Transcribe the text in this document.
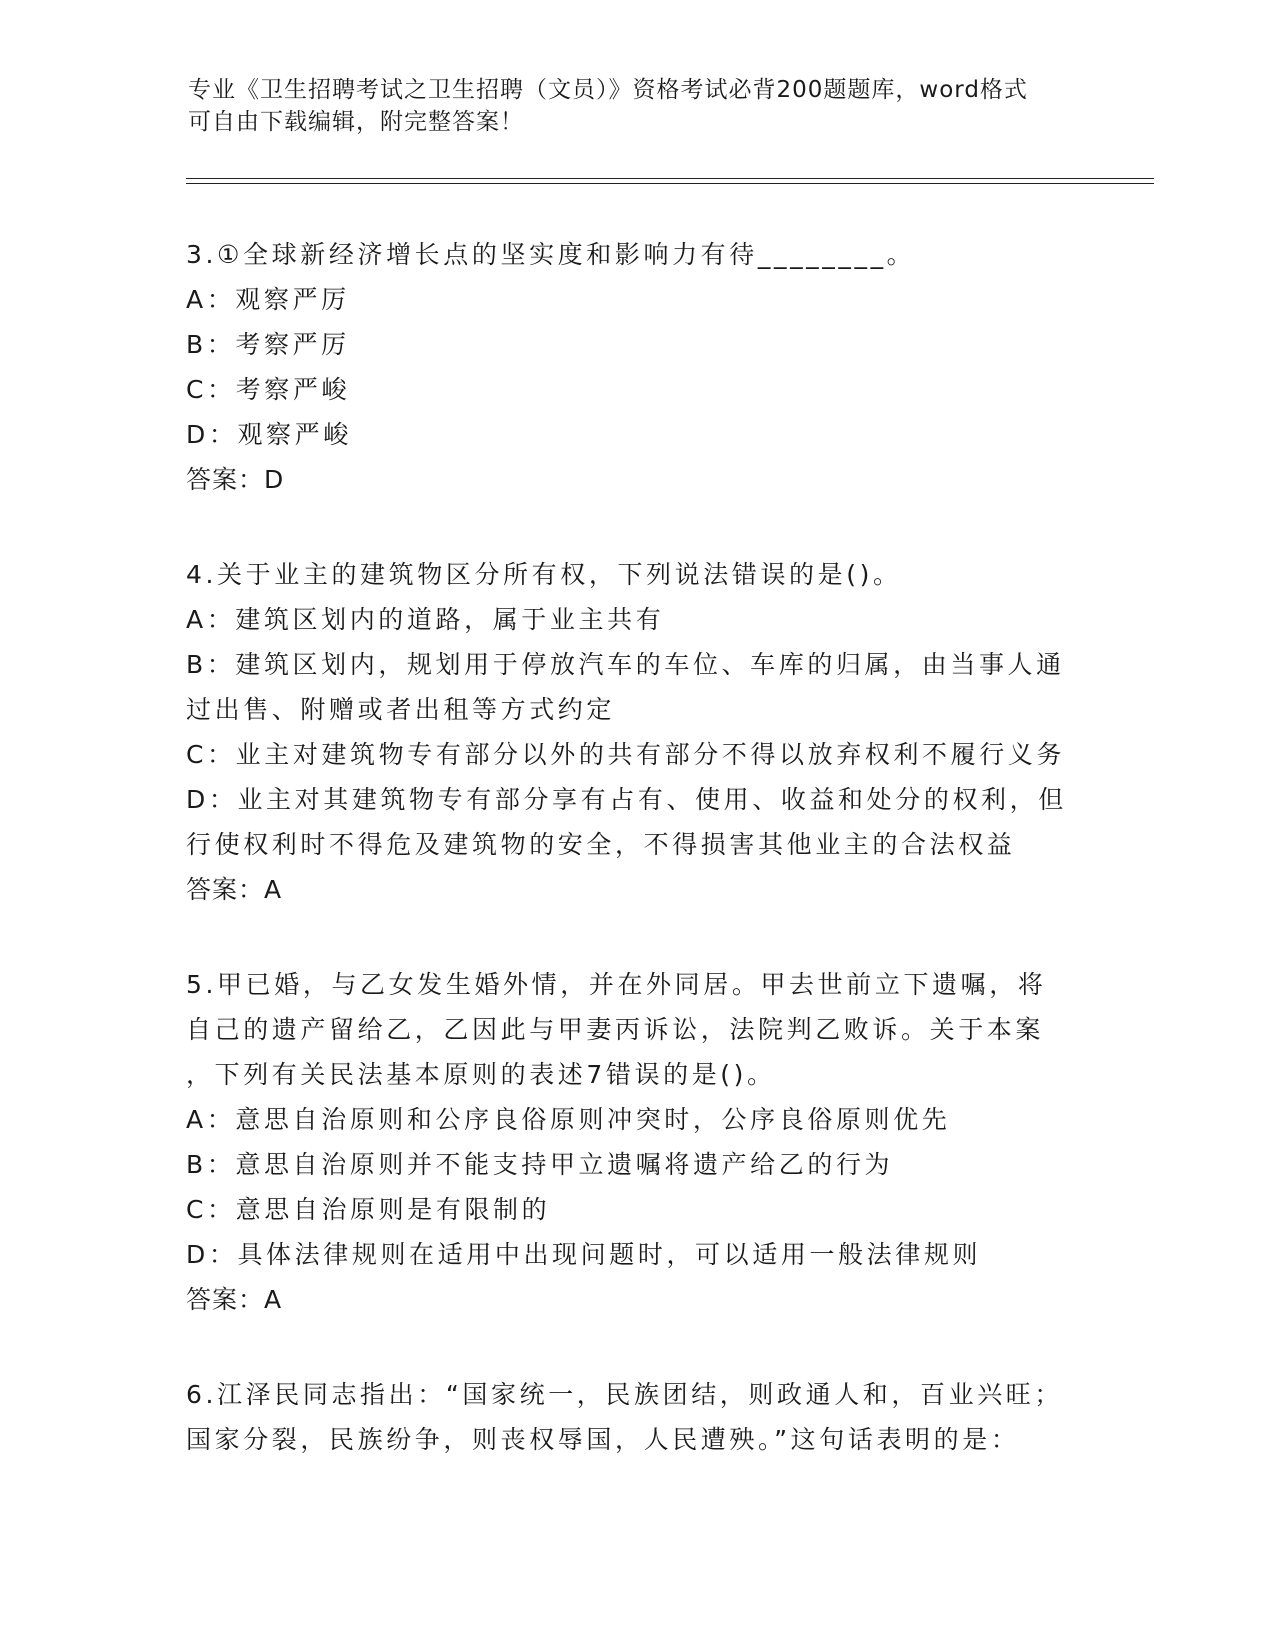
专业《卫生招聘考试之卫生招聘（文员）》资格考试必背200题题库，word格式
可自由下载编辑，附完整答案！
3.①全球新经济增长点的坚实度和影响力有待________。
A：观察严厉
B：考察严厉
C：考察严峻
D：观察严峻
答案：D
4.关于业主的建筑物区分所有权，下列说法错误的是()。
A：建筑区划内的道路，属于业主共有
B：建筑区划内，规划用于停放汽车的车位、车库的归属，由当事人通
过出售、附赠或者出租等方式约定
C：业主对建筑物专有部分以外的共有部分不得以放弃权利不履行义务
D：业主对其建筑物专有部分享有占有、使用、收益和处分的权利，但
行使权利时不得危及建筑物的安全，不得损害其他业主的合法权益
答案：A
5.甲已婚，与乙女发生婚外情，并在外同居。甲去世前立下遗嘱，将
自己的遗产留给乙，乙因此与甲妻丙诉讼，法院判乙败诉。关于本案
，下列有关民法基本原则的表述7错误的是()。
A：意思自治原则和公序良俗原则冲突时，公序良俗原则优先
B：意思自治原则并不能支持甲立遗嘱将遗产给乙的行为
C：意思自治原则是有限制的
D：具体法律规则在适用中出现问题时，可以适用一般法律规则
答案：A
6.江泽民同志指出：“国家统一，民族团结，则政通人和，百业兴旺；
国家分裂，民族纷争，则丧权辱国，人民遭殃。”这句话表明的是：
